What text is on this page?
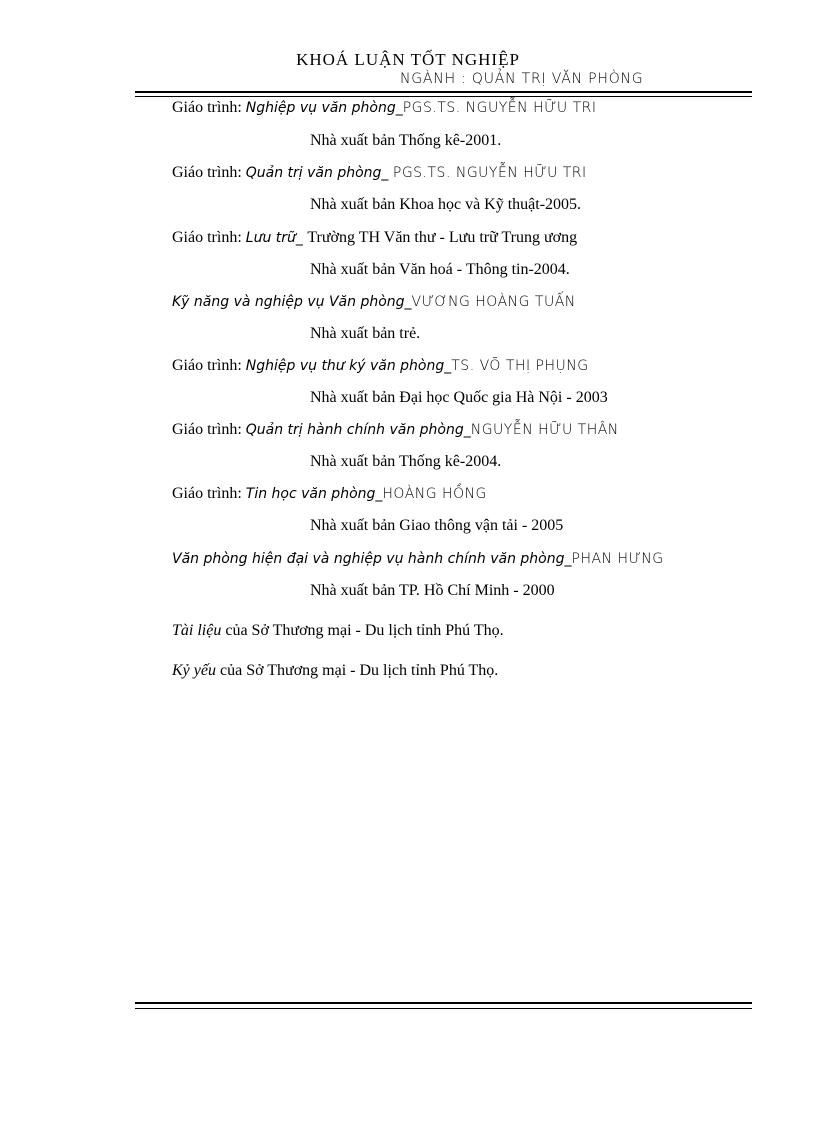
KHOÁ LUẬN TỐT NGHIỆP
NGÀNH : QUẢN TRỊ VĂN PHÒNG
Giáo trình: Nghiệp vụ văn phòng_PGS.TS. NGUYỄN HỮU TRI
Nhà xuất bản Thống kê-2001.
Giáo trình: Quản trị văn phòng_ PGS.TS. NGUYỄN HỮU TRI
Nhà xuất bản Khoa học và Kỹ thuật-2005.
Giáo trình: Lưu trữ_ Trường TH Văn thư - Lưu trữ Trung ương
Nhà xuất bản Văn hoá - Thông tin-2004.
Kỹ năng và nghiệp vụ Văn phòng_VƯƠNG HOÀNG TUẤN
Nhà xuất bản trẻ.
Giáo trình: Nghiệp vụ thư ký văn phòng_TS. VÕ THỊ PHỤNG
Nhà xuất bản Đại học Quốc gia Hà Nội - 2003
Giáo trình: Quản trị hành chính văn phòng_NGUYỄN HỮU THÂN
Nhà xuất bản Thống kê-2004.
Giáo trình: Tin học văn phòng_HOÀNG HỒNG
Nhà xuất bản Giao thông vận tải - 2005
Văn phòng hiện đại và nghiệp vụ hành chính văn phòng_PHAN HƯNG
Nhà xuất bản TP. Hồ Chí Minh - 2000
Tài liệu của Sở Thương mại - Du lịch tỉnh Phú Thọ.
Kỷ yếu của Sở Thương mại - Du lịch tỉnh Phú Thọ.
